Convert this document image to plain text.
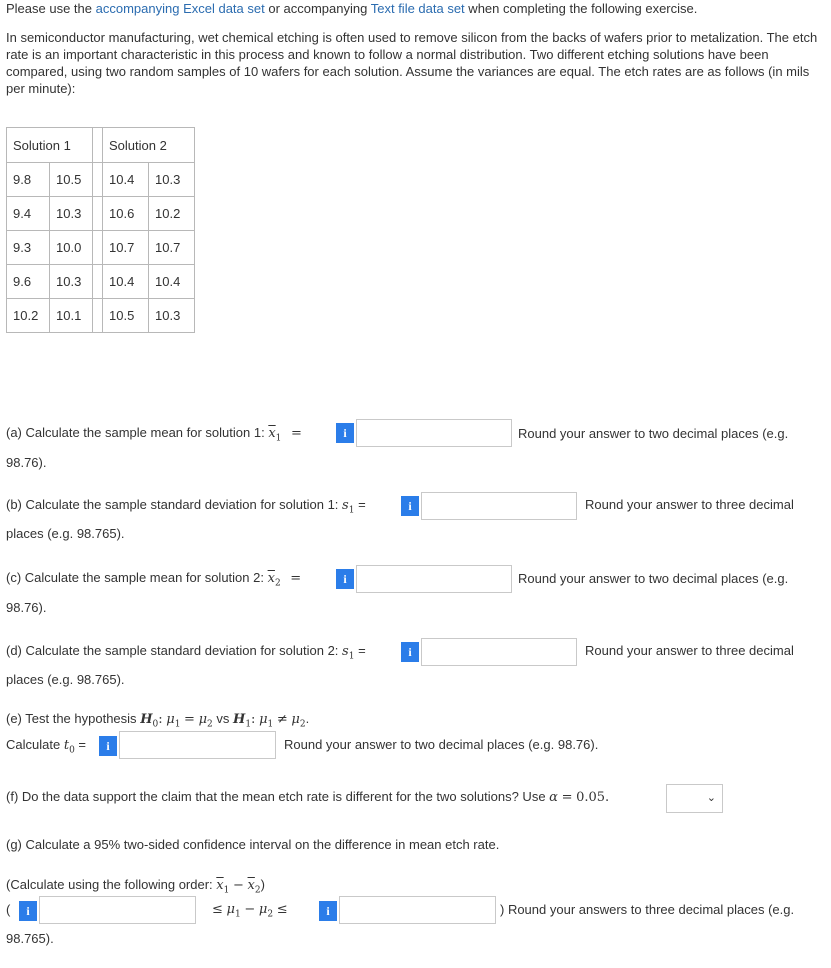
Please use the accompanying Excel data set or accompanying Text file data set when completing the following exercise.
In semiconductor manufacturing, wet chemical etching is often used to remove silicon from the backs of wafers prior to metalization. The etch rate is an important characteristic in this process and known to follow a normal distribution. Two different etching solutions have been compared, using two random samples of 10 wafers for each solution. Assume the variances are equal. The etch rates are as follows (in mils per minute):
Solution 1			Solution 2	
9.8	10.5		10.4	10.3
9.4	10.3		10.6	10.2
9.3	10.0		10.7	10.7
9.6	10.3		10.4	10.4
10.2	10.1		10.5	10.3
(a) Calculate the sample mean for solution 1: $\overline{x}_1$ =	i	Round your answer to two decimal places (e.g.
98.76).
(b) Calculate the sample standard deviation for solution 1: $s_1$ =	i	Round your answer to three decimal
places (e.g. 98.765).
(c) Calculate the sample mean for solution 2: $\overline{x}_2$ =	i	Round your answer to two decimal places (e.g.
98.76).
(d) Calculate the sample standard deviation for solution 2: $s_1$ =	i	Round your answer to three decimal
places (e.g. 98.765).
(e) Test the hypothesis $H_0$: $\mu_1 = \mu_2$ vs $H_1$: $\mu_1 \ne \mu_2$.
Calculate $t_0$ =	i	Round your answer to two decimal places (e.g. 98.76).
(f) Do the data support the claim that the mean etch rate is different for the two solutions? Use α = 0.05.	⌄
(g) Calculate a 95% two-sided confidence interval on the difference in mean etch rate.
(Calculate using the following order: $\overline{x}_1 - \overline{x}_2$)
(	i	≤ $\mu_1 - \mu_2$ ≤	i	) Round your answers to three decimal places (e.g.
98.765).
